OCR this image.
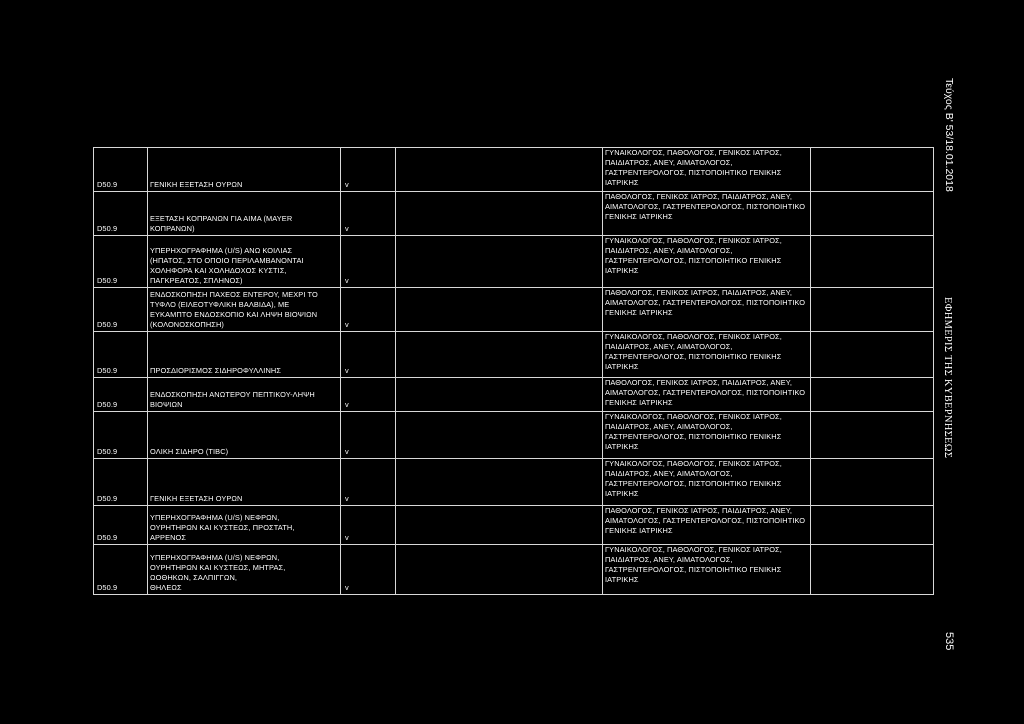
D50.9	ΓΕΝΙΚΗ ΕΞΕΤΑΣΗ ΟΥΡΩΝ	v		ΓΥΝΑΙΚΟΛΟΓΟΣ, ΠΑΘΟΛΟΓΟΣ, ΓΕΝΙΚΟΣ ΙΑΤΡΟΣ,
ΠΑΙΔΙΑΤΡΟΣ, ΑΝΕΥ, ΑΙΜΑΤΟΛΟΓΟΣ,
ΓΑΣΤΡΕΝΤΕΡΟΛΟΓΟΣ, ΠΙΣΤΟΠΟΙΗΤΙΚΟ ΓΕΝΙΚΗΣ
ΙΑΤΡΙΚΗΣ	
D50.9	ΕΞΕΤΑΣΗ ΚΟΠΡΑΝΩΝ ΓΙΑ ΑΙΜΑ (MAYER
ΚΟΠΡΑΝΩΝ)	v		ΠΑΘΟΛΟΓΟΣ, ΓΕΝΙΚΟΣ ΙΑΤΡΟΣ, ΠΑΙΔΙΑΤΡΟΣ, ΑΝΕΥ,
ΑΙΜΑΤΟΛΟΓΟΣ, ΓΑΣΤΡΕΝΤΕΡΟΛΟΓΟΣ, ΠΙΣΤΟΠΟΙΗΤΙΚΟ
ΓΕΝΙΚΗΣ ΙΑΤΡΙΚΗΣ	
D50.9	ΥΠΕΡΗΧΟΓΡΑΦΗΜΑ (U/S) ΑΝΩ ΚΟΙΛΙΑΣ
(ΗΠΑΤΟΣ, ΣΤΟ ΟΠΟΙΟ ΠΕΡΙΛΑΜΒΑΝΟΝΤΑΙ
ΧΟΛΗΦΟΡΑ ΚΑΙ ΧΟΛΗΔΟΧΟΣ ΚΥΣΤΙΣ,
ΠΑΓΚΡΕΑΤΟΣ, ΣΠΛΗΝΟΣ)	v		ΓΥΝΑΙΚΟΛΟΓΟΣ, ΠΑΘΟΛΟΓΟΣ, ΓΕΝΙΚΟΣ ΙΑΤΡΟΣ,
ΠΑΙΔΙΑΤΡΟΣ, ΑΝΕΥ, ΑΙΜΑΤΟΛΟΓΟΣ,
ΓΑΣΤΡΕΝΤΕΡΟΛΟΓΟΣ, ΠΙΣΤΟΠΟΙΗΤΙΚΟ ΓΕΝΙΚΗΣ
ΙΑΤΡΙΚΗΣ	
D50.9	ΕΝΔΟΣΚΟΠΗΣΗ ΠΑΧΕΟΣ ΕΝΤΕΡΟΥ, ΜΕΧΡΙ ΤΟ
ΤΥΦΛΟ (ΕΙΛΕΟΤΥΦΛΙΚΗ ΒΑΛΒΙΔΑ), ΜΕ
ΕΥΚΑΜΠΤΟ ΕΝΔΟΣΚΟΠΙΟ ΚΑΙ ΛΗΨΗ ΒΙΟΨΙΩΝ
(ΚΟΛΟΝΟΣΚΟΠΗΣΗ)	v		ΠΑΘΟΛΟΓΟΣ, ΓΕΝΙΚΟΣ ΙΑΤΡΟΣ, ΠΑΙΔΙΑΤΡΟΣ, ΑΝΕΥ,
ΑΙΜΑΤΟΛΟΓΟΣ, ΓΑΣΤΡΕΝΤΕΡΟΛΟΓΟΣ, ΠΙΣΤΟΠΟΙΗΤΙΚΟ
ΓΕΝΙΚΗΣ ΙΑΤΡΙΚΗΣ	
D50.9	ΠΡΟΣΔΙΟΡΙΣΜΟΣ ΣΙΔΗΡΟΦΥΛΛΙΝΗΣ	v		ΓΥΝΑΙΚΟΛΟΓΟΣ, ΠΑΘΟΛΟΓΟΣ, ΓΕΝΙΚΟΣ ΙΑΤΡΟΣ,
ΠΑΙΔΙΑΤΡΟΣ, ΑΝΕΥ, ΑΙΜΑΤΟΛΟΓΟΣ,
ΓΑΣΤΡΕΝΤΕΡΟΛΟΓΟΣ, ΠΙΣΤΟΠΟΙΗΤΙΚΟ ΓΕΝΙΚΗΣ
ΙΑΤΡΙΚΗΣ	
D50.9	ΕΝΔΟΣΚΟΠΗΣΗ ΑΝΩΤΕΡΟΥ ΠΕΠΤΙΚΟΥ-ΛΗΨΗ
ΒΙΟΨΙΩΝ	v		ΠΑΘΟΛΟΓΟΣ, ΓΕΝΙΚΟΣ ΙΑΤΡΟΣ, ΠΑΙΔΙΑΤΡΟΣ, ΑΝΕΥ,
ΑΙΜΑΤΟΛΟΓΟΣ, ΓΑΣΤΡΕΝΤΕΡΟΛΟΓΟΣ, ΠΙΣΤΟΠΟΙΗΤΙΚΟ
ΓΕΝΙΚΗΣ ΙΑΤΡΙΚΗΣ	
D50.9	ΟΛΙΚΗ ΣΙΔΗΡΟ (TIBC)	v		ΓΥΝΑΙΚΟΛΟΓΟΣ, ΠΑΘΟΛΟΓΟΣ, ΓΕΝΙΚΟΣ ΙΑΤΡΟΣ,
ΠΑΙΔΙΑΤΡΟΣ, ΑΝΕΥ, ΑΙΜΑΤΟΛΟΓΟΣ,
ΓΑΣΤΡΕΝΤΕΡΟΛΟΓΟΣ, ΠΙΣΤΟΠΟΙΗΤΙΚΟ ΓΕΝΙΚΗΣ
ΙΑΤΡΙΚΗΣ	
D50.9	ΓΕΝΙΚΗ ΕΞΕΤΑΣΗ ΟΥΡΩΝ	v		ΓΥΝΑΙΚΟΛΟΓΟΣ, ΠΑΘΟΛΟΓΟΣ, ΓΕΝΙΚΟΣ ΙΑΤΡΟΣ,
ΠΑΙΔΙΑΤΡΟΣ, ΑΝΕΥ, ΑΙΜΑΤΟΛΟΓΟΣ,
ΓΑΣΤΡΕΝΤΕΡΟΛΟΓΟΣ, ΠΙΣΤΟΠΟΙΗΤΙΚΟ ΓΕΝΙΚΗΣ
ΙΑΤΡΙΚΗΣ	
D50.9	ΥΠΕΡΗΧΟΓΡΑΦΗΜΑ (U/S) ΝΕΦΡΩΝ,
ΟΥΡΗΤΗΡΩΝ ΚΑΙ ΚΥΣΤΕΩΣ, ΠΡΟΣΤΑΤΗ,
ΑΡΡΕΝΟΣ	v		ΠΑΘΟΛΟΓΟΣ, ΓΕΝΙΚΟΣ ΙΑΤΡΟΣ, ΠΑΙΔΙΑΤΡΟΣ, ΑΝΕΥ,
ΑΙΜΑΤΟΛΟΓΟΣ, ΓΑΣΤΡΕΝΤΕΡΟΛΟΓΟΣ, ΠΙΣΤΟΠΟΙΗΤΙΚΟ
ΓΕΝΙΚΗΣ ΙΑΤΡΙΚΗΣ	
D50.9	ΥΠΕΡΗΧΟΓΡΑΦΗΜΑ (U/S) ΝΕΦΡΩΝ,
ΟΥΡΗΤΗΡΩΝ ΚΑΙ ΚΥΣΤΕΩΣ, ΜΗΤΡΑΣ,
ΩΟΘΗΚΩΝ, ΣΑΛΠΙΓΓΩΝ,
ΘΗΛΕΩΣ	v		ΓΥΝΑΙΚΟΛΟΓΟΣ, ΠΑΘΟΛΟΓΟΣ, ΓΕΝΙΚΟΣ ΙΑΤΡΟΣ,
ΠΑΙΔΙΑΤΡΟΣ, ΑΝΕΥ, ΑΙΜΑΤΟΛΟΓΟΣ,
ΓΑΣΤΡΕΝΤΕΡΟΛΟΓΟΣ, ΠΙΣΤΟΠΟΙΗΤΙΚΟ ΓΕΝΙΚΗΣ
ΙΑΤΡΙΚΗΣ	
Τεύχος Β' 53/18.01.2018
ΕΦΗΜΕΡΙΣ ΤΗΣ ΚΥΒΕΡΝΗΣΕΩΣ
535
